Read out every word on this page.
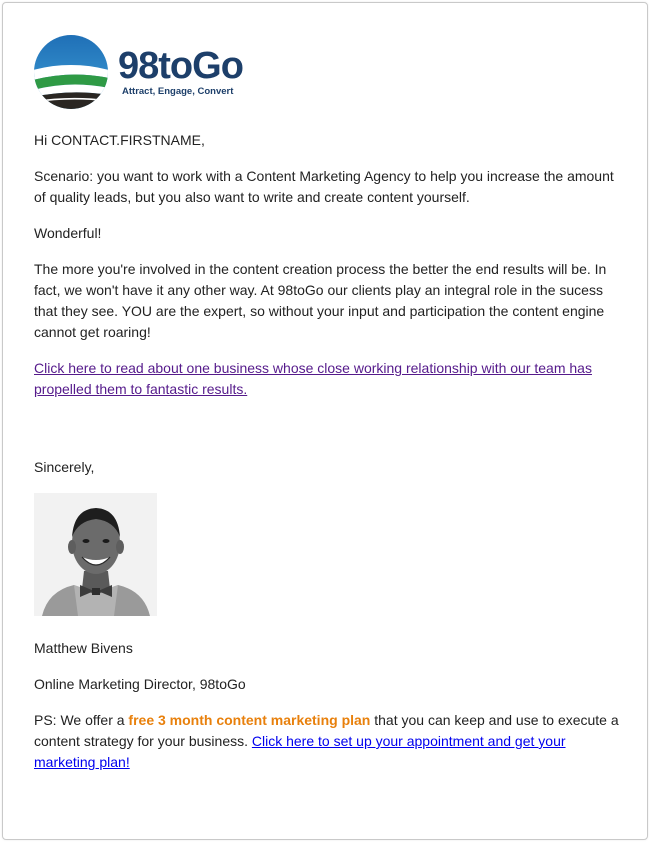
98toGo
Attract, Engage, Convert

Hi CONTACT.FIRSTNAME,

Scenario: you want to work with a Content Marketing Agency to help you increase the amount of quality leads, but you also want to write and create content yourself.

Wonderful!

The more you're involved in the content creation process the better the end results will be. In fact, we won't have it any other way. At 98toGo our clients play an integral role in the sucess that they see. YOU are the expert, so without your input and participation the content engine cannot get roaring!

Click here to read about one business whose close working relationship with our team has propelled them to fantastic results.

Sincerely,

Matthew Bivens

Online Marketing Director, 98toGo

PS: We offer a free 3 month content marketing plan that you can keep and use to execute a content strategy for your business. Click here to set up your appointment and get your marketing plan!
